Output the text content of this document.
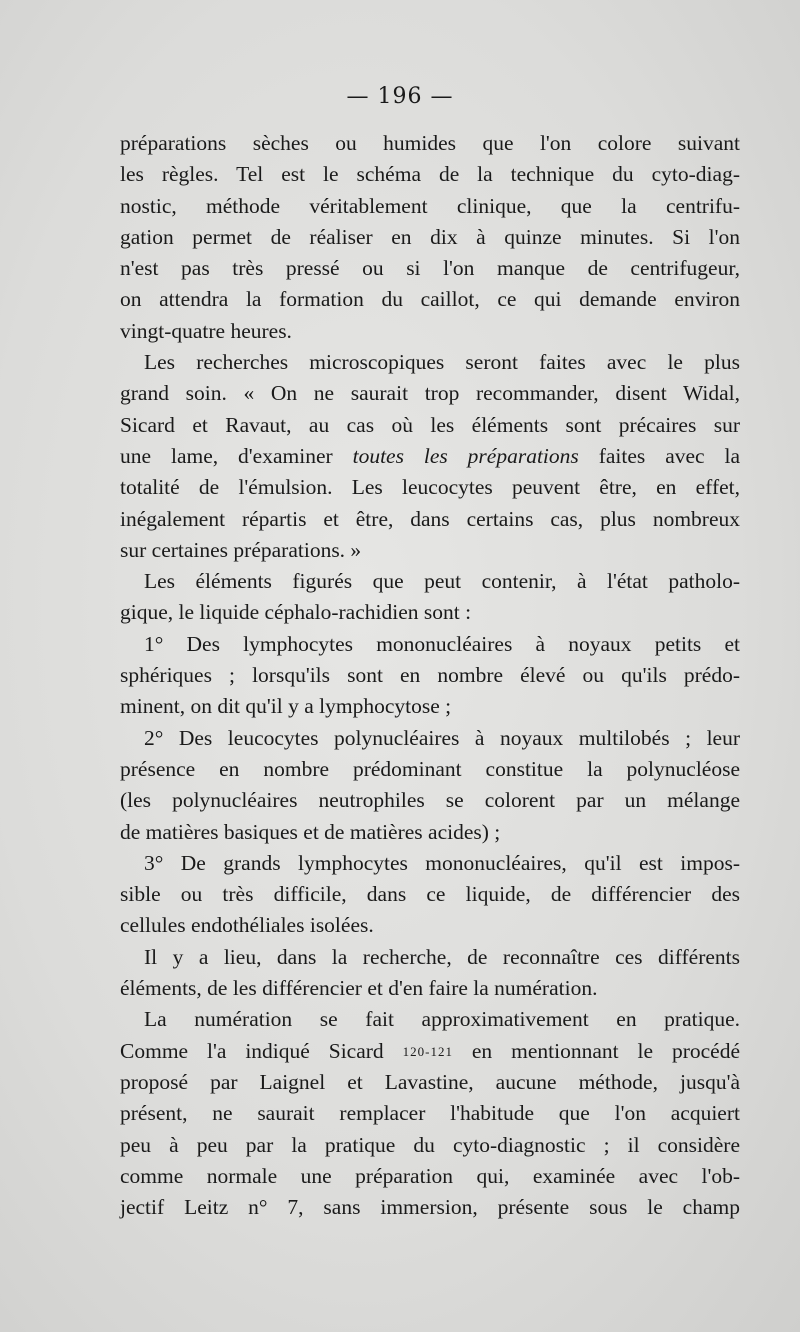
— 196 —
préparations sèches ou humides que l'on colore suivant
les règles. Tel est le schéma de la technique du cyto-diag-
nostic, méthode véritablement clinique, que la centrifu-
gation permet de réaliser en dix à quinze minutes. Si l'on
n'est pas très pressé ou si l'on manque de centrifugeur,
on attendra la formation du caillot, ce qui demande environ
vingt-quatre heures.
Les recherches microscopiques seront faites avec le plus
grand soin. « On ne saurait trop recommander, disent Widal,
Sicard et Ravaut, au cas où les éléments sont précaires sur
une lame, d'examiner toutes les préparations faites avec la
totalité de l'émulsion. Les leucocytes peuvent être, en effet,
inégalement répartis et être, dans certains cas, plus nombreux
sur certaines préparations. »
Les éléments figurés que peut contenir, à l'état patholo-
gique, le liquide céphalo-rachidien sont :
1° Des lymphocytes mononucléaires à noyaux petits et
sphériques ; lorsqu'ils sont en nombre élevé ou qu'ils prédo-
minent, on dit qu'il y a lymphocytose ;
2° Des leucocytes polynucléaires à noyaux multilobés ; leur
présence en nombre prédominant constitue la polynucléose
(les polynucléaires neutrophiles se colorent par un mélange
de matières basiques et de matières acides) ;
3° De grands lymphocytes mononucléaires, qu'il est impos-
sible ou très difficile, dans ce liquide, de différencier des
cellules endothéliales isolées.
Il y a lieu, dans la recherche, de reconnaître ces différents
éléments, de les différencier et d'en faire la numération.
La numération se fait approximativement en pratique.
Comme l'a indiqué Sicard 120-121 en mentionnant le procédé
proposé par Laignel et Lavastine, aucune méthode, jusqu'à
présent, ne saurait remplacer l'habitude que l'on acquiert
peu à peu par la pratique du cyto-diagnostic ; il considère
comme normale une préparation qui, examinée avec l'ob-
jectif Leitz n° 7, sans immersion, présente sous le champ
